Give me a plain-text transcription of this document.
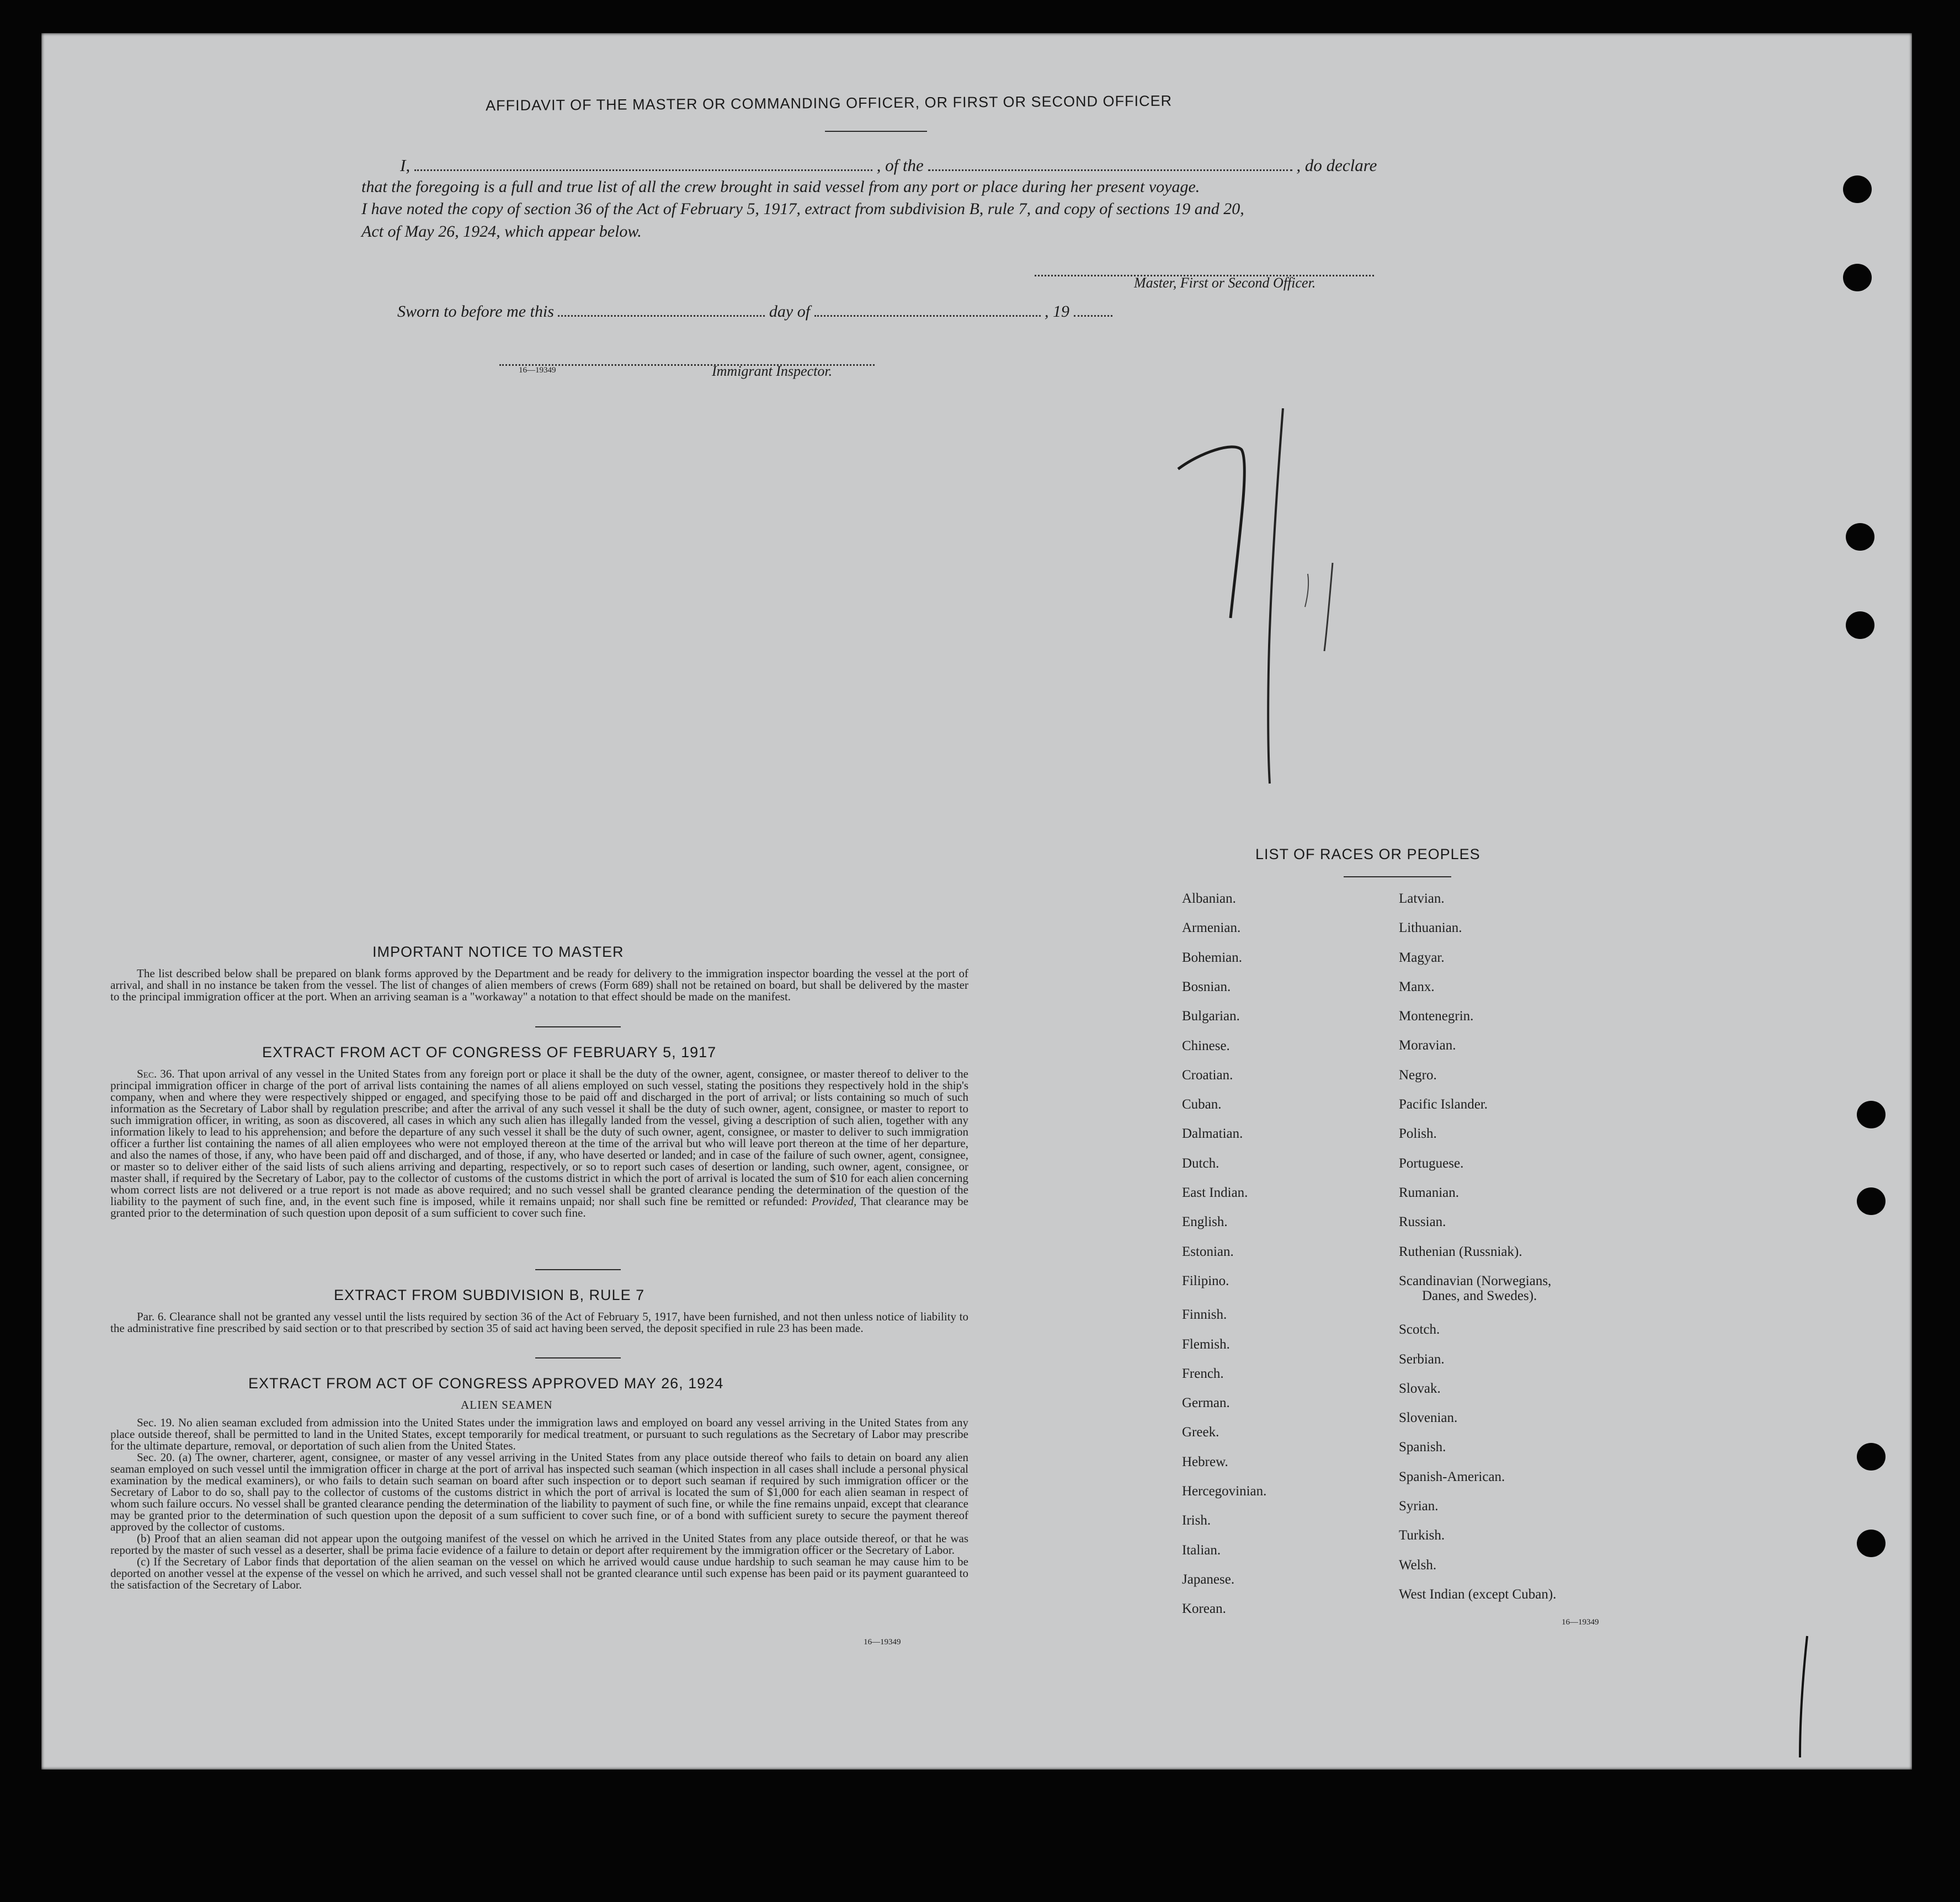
AFFIDAVIT OF THE MASTER OR COMMANDING OFFICER, OR FIRST OR SECOND OFFICER
I,	, of the	, do declare
that the foregoing is a full and true list of all the crew brought in said vessel from any port or place during her present voyage.
I have noted the copy of section 36 of the Act of February 5, 1917, extract from subdivision B, rule 7, and copy of sections 19 and 20,
Act of May 26, 1924, which appear below.
Master, First or Second Officer.
Sworn to before me this	day of	, 19
16—19349	Immigrant Inspector.
IMPORTANT NOTICE TO MASTER

The list described below shall be prepared on blank forms approved by the Department and be ready for delivery to the immigration inspector boarding the vessel at the port of arrival, and shall in no instance be taken from the vessel. The list of changes of alien members of crews (Form 689) shall not be retained on board, but shall be delivered by the master to the principal immigration officer at the port. When an arriving seaman is a "workaway" a notation to that effect should be made on the manifest.

EXTRACT FROM ACT OF CONGRESS OF FEBRUARY 5, 1917

Sec. 36. That upon arrival of any vessel in the United States from any foreign port or place it shall be the duty of the owner, agent, consignee, or master thereof to deliver to the principal immigration officer in charge of the port of arrival lists containing the names of all aliens employed on such vessel, stating the positions they respectively hold in the ship's company, when and where they were respectively shipped or engaged, and specifying those to be paid off and discharged in the port of arrival; or lists containing so much of such information as the Secretary of Labor shall by regulation prescribe; and after the arrival of any such vessel it shall be the duty of such owner, agent, consignee, or master to report to such immigration officer, in writing, as soon as discovered, all cases in which any such alien has illegally landed from the vessel, giving a description of such alien, together with any information likely to lead to his apprehension; and before the departure of any such vessel it shall be the duty of such owner, agent, consignee, or master to deliver to such immigration officer a further list containing the names of all alien employees who were not employed thereon at the time of the arrival but who will leave port thereon at the time of her departure, and also the names of those, if any, who have been paid off and discharged, and of those, if any, who have deserted or landed; and in case of the failure of such owner, agent, consignee, or master so to deliver either of the said lists of such aliens arriving and departing, respectively, or so to report such cases of desertion or landing, such owner, agent, consignee, or master shall, if required by the Secretary of Labor, pay to the collector of customs of the customs district in which the port of arrival is located the sum of $10 for each alien concerning whom correct lists are not delivered or a true report is not made as above required; and no such vessel shall be granted clearance pending the determination of the question of the liability to the payment of such fine, and, in the event such fine is imposed, while it remains unpaid; nor shall such fine be remitted or refunded: Provided, That clearance may be granted prior to the determination of such question upon deposit of a sum sufficient to cover such fine.

EXTRACT FROM SUBDIVISION B, RULE 7

Par. 6. Clearance shall not be granted any vessel until the lists required by section 36 of the Act of February 5, 1917, have been furnished, and not then unless notice of liability to the administrative fine prescribed by said section or to that prescribed by section 35 of said act having been served, the deposit specified in rule 23 has been made.

EXTRACT FROM ACT OF CONGRESS APPROVED MAY 26, 1924
ALIEN SEAMEN

Sec. 19. No alien seaman excluded from admission into the United States under the immigration laws and employed on board any vessel arriving in the United States from any place outside thereof, shall be permitted to land in the United States, except temporarily for medical treatment, or pursuant to such regulations as the Secretary of Labor may prescribe for the ultimate departure, removal, or deportation of such alien from the United States.

Sec. 20. (a) The owner, charterer, agent, consignee, or master of any vessel arriving in the United States from any place outside thereof who fails to detain on board any alien seaman employed on such vessel until the immigration officer in charge at the port of arrival has inspected such seaman (which inspection in all cases shall include a personal physical examination by the medical examiners), or who fails to detain such seaman on board after such inspection or to deport such seaman if required by such immigration officer or the Secretary of Labor to do so, shall pay to the collector of customs of the customs district in which the port of arrival is located the sum of $1,000 for each alien seaman in respect of whom such failure occurs. No vessel shall be granted clearance pending the determination of the liability to payment of such fine, or while the fine remains unpaid, except that clearance may be granted prior to the determination of such question upon the deposit of a sum sufficient to cover such fine, or of a bond with sufficient surety to secure the payment thereof approved by the collector of customs.

(b) Proof that an alien seaman did not appear upon the outgoing manifest of the vessel on which he arrived in the United States from any place outside thereof, or that he was reported by the master of such vessel as a deserter, shall be prima facie evidence of a failure to detain or deport after requirement by the immigration officer or the Secretary of Labor.

(c) If the Secretary of Labor finds that deportation of the alien seaman on the vessel on which he arrived would cause undue hardship to such seaman he may cause him to be deported on another vessel at the expense of the vessel on which he arrived, and such vessel shall not be granted clearance until such expense has been paid or its payment guaranteed to the satisfaction of the Secretary of Labor.

16—19349
LIST OF RACES OR PEOPLES
16—19349
Albanian.
Armenian.
Bohemian.
Bosnian.
Bulgarian.
Chinese.
Croatian.
Cuban.
Dalmatian.
Dutch.
East Indian.
English.
Estonian.
Filipino.
Finnish.
Flemish.
French.
German.
Greek.
Hebrew.
Hercegovinian.
Irish.
Italian.
Japanese.
Korean.
Latvian.
Lithuanian.
Magyar.
Manx.
Montenegrin.
Moravian.
Negro.
Pacific Islander.
Polish.
Portuguese.
Rumanian.
Russian.
Ruthenian (Russniak).
Scandinavian (Norwegians,
Danes, and Swedes).
Scotch.
Serbian.
Slovak.
Slovenian.
Spanish.
Spanish-American.
Syrian.
Turkish.
Welsh.
West Indian (except Cuban).
